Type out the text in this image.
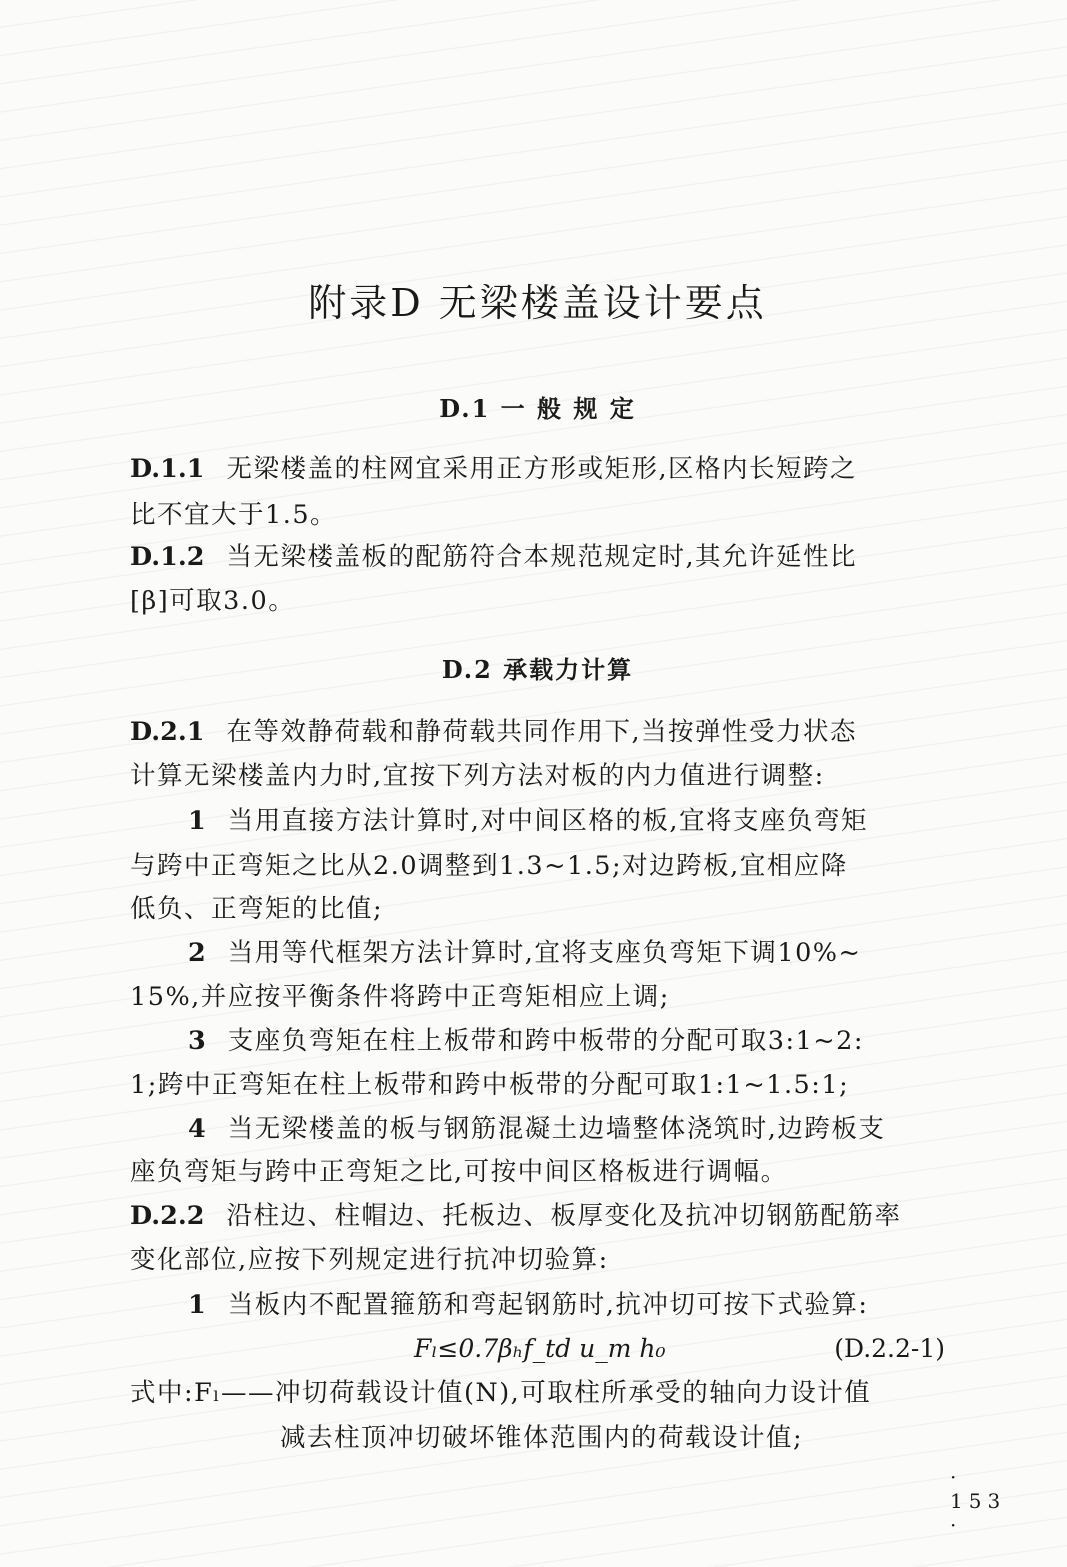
附录D 无梁楼盖设计要点
D.1 一 般 规 定
D.1.1 无梁楼盖的柱网宜采用正方形或矩形,区格内长短跨之
比不宜大于1.5。
D.1.2 当无梁楼盖板的配筋符合本规范规定时,其允许延性比
[β]可取3.0。
D.2 承载力计算
D.2.1 在等效静荷载和静荷载共同作用下,当按弹性受力状态
计算无梁楼盖内力时,宜按下列方法对板的内力值进行调整:
1 当用直接方法计算时,对中间区格的板,宜将支座负弯矩
与跨中正弯矩之比从2.0调整到1.3~1.5;对边跨板,宜相应降
低负、正弯矩的比值;
2 当用等代框架方法计算时,宜将支座负弯矩下调10%~
15%,并应按平衡条件将跨中正弯矩相应上调;
3 支座负弯矩在柱上板带和跨中板带的分配可取3:1~2:
1;跨中正弯矩在柱上板带和跨中板带的分配可取1:1~1.5:1;
4 当无梁楼盖的板与钢筋混凝土边墙整体浇筑时,边跨板支
座负弯矩与跨中正弯矩之比,可按中间区格板进行调幅。
D.2.2 沿柱边、柱帽边、托板边、板厚变化及抗冲切钢筋配筋率
变化部位,应按下列规定进行抗冲切验算:
1 当板内不配置箍筋和弯起钢筋时,抗冲切可按下式验算:
Fₗ≤0.7βₕf_td u_m h₀	(D.2.2-1)
式中:Fₗ——冲切荷载设计值(N),可取柱所承受的轴向力设计值
减去柱顶冲切破坏锥体范围内的荷载设计值;
· 153 ·
